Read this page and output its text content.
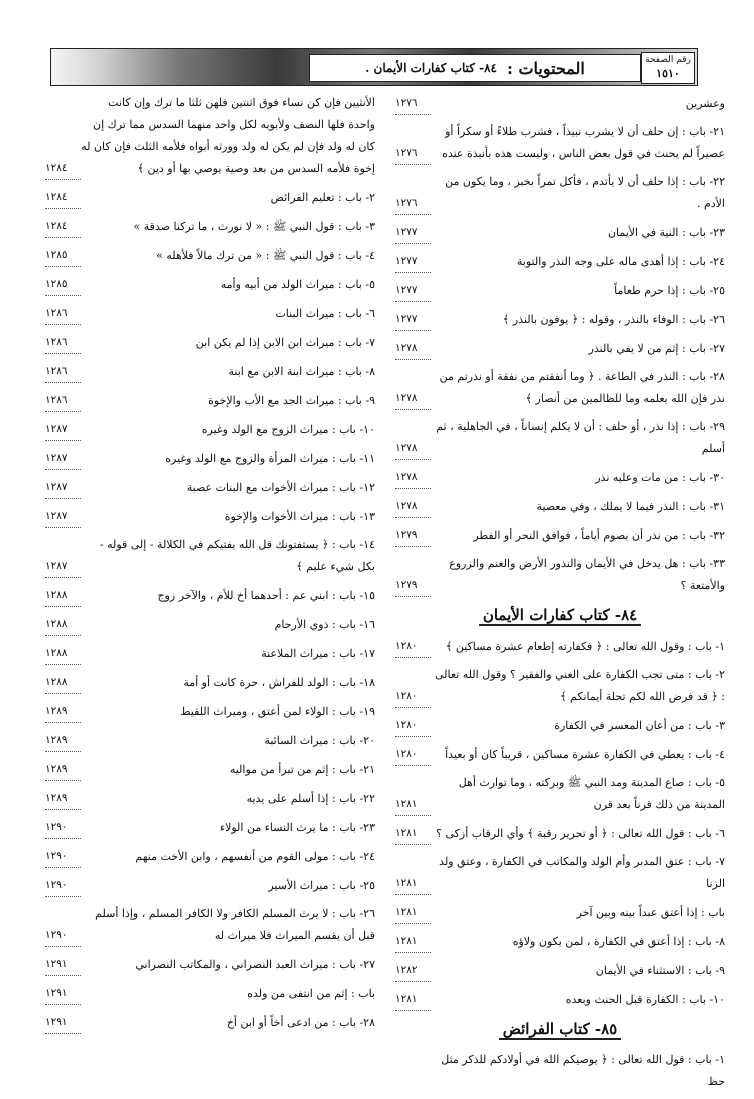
المحتويات :
٨٤- كتاب كفارات الأيمان .
رقم الصفحة
١٥١٠
وعشرين
١٢٧٦
٢١- باب : إن حلف أن لا يشرب نبيذاً ، فشرب طلاءً أو سكراً أو عصيراً لم يحنث في قول بعض الناس ، وليست هذه بأنبذة عنده
١٢٧٦
٢٢- باب : إذا حلف أن لا يأتدم ، فأكل تمراً بخبز ، وما يكون من الأدم .
١٢٧٦
٢٣- باب : النية في الأيمان
١٢٧٧
٢٤- باب : إذا أهدى ماله على وجه النذر والتوبة
١٢٧٧
٢٥- باب : إذا حرم طعاماً
١٢٧٧
٢٦- باب : الوفاء بالنذر ، وقوله : ﴿ يوفون بالنذر ﴾
١٢٧٧
٢٧- باب : إثم من لا يفي بالنذر
١٢٧٨
٢٨- باب : النذر في الطاعة . ﴿ وما أنفقتم من نفقة أو نذرتم من نذر فإن الله يعلمه وما للظالمين من أنصار ﴾
١٢٧٨
٢٩- باب : إذا نذر ، أو حلف : أن لا يكلم إنساناً ، في الجاهلية ، ثم أسلم
١٢٧٨
٣٠- باب : من مات وعليه نذر
١٢٧٨
٣١- باب : النذر فيما لا يملك ، وفي معصية
١٢٧٨
٣٢- باب : من نذر أن يصوم أياماً ، فوافق النحر أو الفطر
١٢٧٩
٣٣- باب : هل يدخل في الأيمان والنذور الأرض والغنم والزروع والأمتعة ؟
١٢٧٩
٨٤- كتاب كفارات الأيمان
١- باب : وقول الله تعالى : ﴿ فكفارته إطعام عشرة مساكين ﴾
١٢٨٠
٢- باب : متى تجب الكفارة على الغني والفقير ؟ وقول الله تعالى : ﴿ قد فرض الله لكم تحلة أيمانكم ﴾
١٢٨٠
٣- باب : من أعان المعسر في الكفارة
١٢٨٠
٤- باب : يعطي في الكفارة عشرة مساكين ، قريباً كان أو بعيداً
١٢٨٠
٥- باب : صاع المدينة ومد النبي ﷺ وبركته ، وما توارث أهل المدينة من ذلك قرناً بعد قرن
١٢٨١
٦- باب : قول الله تعالى : ﴿ أو تحرير رقبة ﴾ وأي الرقاب أزكى ؟
١٢٨١
٧- باب : عتق المدبر وأم الولد والمكاتب في الكفارة ، وعتق ولد الزنا
١٢٨١
باب : إذا أعتق عبداً بينه وبين آخر
١٢٨١
٨- باب : إذا أعتق في الكفارة ، لمن يكون ولاؤه
١٢٨١
٩- باب : الاستثناء في الأيمان
١٢٨٢
١٠- باب : الكفارة قبل الحنث وبعده
١٢٨١
٨٥- كتاب الفرائض
١- باب : قول الله تعالى : ﴿ يوصيكم الله في أولادكم للذكر مثل حظ
الأنثيين فإن كن نساء فوق اثنتين فلهن ثلثا ما ترك وإن كانت واحدة فلها النصف ولأبويه لكل واحد منهما السدس مما ترك إن كان له ولد فإن لم يكن له ولد وورثه أبواه فلأمه الثلث فإن كان له إخوة فلأمه السدس من بعد وصية يوصي بها أو دين ﴾
١٢٨٤
٢- باب : تعليم الفرائض
١٢٨٤
٣- باب : قول النبي ﷺ : « لا نورث ، ما تركنا صدقة »
١٢٨٤
٤- باب : قول النبي ﷺ : « من ترك مالاً فلأهله »
١٢٨٥
٥- باب : ميراث الولد من أبيه وأمه
١٢٨٥
٦- باب : ميراث البنات
١٢٨٦
٧- باب : ميراث ابن الابن إذا لم يكن ابن
١٢٨٦
٨- باب : ميراث ابنة الابن مع ابنة
١٢٨٦
٩- باب : ميراث الجد مع الأب والإخوة
١٢٨٦
١٠- باب : ميراث الزوج مع الولد وغيره
١٢٨٧
١١- باب : ميراث المرأة والزوج مع الولد وغيره
١٢٨٧
١٢- باب : ميراث الأخوات مع البنات عصبة
١٢٨٧
١٣- باب : ميراث الأخوات والإخوة
١٢٨٧
١٤- باب : ﴿ يستفتونك قل الله يفتيكم في الكلالة - إلى قوله - بكل شيء عليم ﴾
١٢٨٧
١٥- باب : ابني عم : أحدهما أخ للأم ، والآخر زوج
١٢٨٨
١٦- باب : ذوي الأرحام
١٢٨٨
١٧- باب : ميراث الملاعنة
١٢٨٨
١٨- باب : الولد للفراش ، حرة كانت أو أمة
١٢٨٨
١٩- باب : الولاء لمن أعتق ، وميراث اللقيط
١٢٨٩
٢٠- باب : ميراث السائبة
١٢٨٩
٢١- باب : إثم من تبرأ من مواليه
١٢٨٩
٢٢- باب : إذا أسلم على يديه
١٢٨٩
٢٣- باب : ما يرث النساء من الولاء
١٢٩٠
٢٤- باب : مولى القوم من أنفسهم ، وابن الأخت منهم
١٢٩٠
٢٥- باب : ميراث الأسير
١٢٩٠
٢٦- باب : لا يرث المسلم الكافر ولا الكافر المسلم ، وإذا أسلم قبل أن يقسم الميراث فلا ميراث له
١٢٩٠
٢٧- باب : ميراث العبد النصراني ، والمكاتب النصراني
١٢٩١
باب : إثم من انتفى من ولده
١٢٩١
٢٨- باب : من ادعى أخاً أو ابن أخ
١٢٩١
